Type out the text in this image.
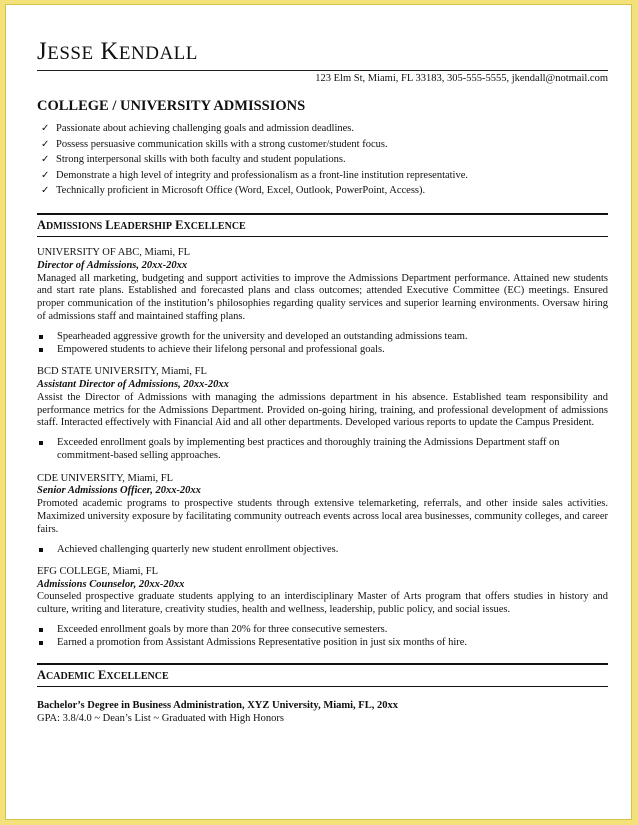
JESSE KENDALL
123 Elm St, Miami, FL 33183, 305-555-5555, jkendall@notmail.com
COLLEGE / UNIVERSITY ADMISSIONS
✓ Passionate about achieving challenging goals and admission deadlines.
✓ Possess persuasive communication skills with a strong customer/student focus.
✓ Strong interpersonal skills with both faculty and student populations.
✓ Demonstrate a high level of integrity and professionalism as a front-line institution representative.
✓ Technically proficient in Microsoft Office (Word, Excel, Outlook, PowerPoint, Access).
ADMISSIONS LEADERSHIP EXCELLENCE
UNIVERSITY OF ABC, Miami, FL
Director of Admissions, 20xx-20xx
Managed all marketing, budgeting and support activities to improve the Admissions Department performance. Attained new students and start rate plans. Established and forecasted plans and class outcomes; attended Executive Committee (EC) meetings. Ensured proper communication of the institution’s philosophies regarding quality services and superior learning environments. Oversaw hiring of admissions staff and maintained staffing plans.
Spearheaded aggressive growth for the university and developed an outstanding admissions team.
Empowered students to achieve their lifelong personal and professional goals.
BCD STATE UNIVERSITY, Miami, FL
Assistant Director of Admissions, 20xx-20xx
Assist the Director of Admissions with managing the admissions department in his absence. Established team responsibility and performance metrics for the Admissions Department. Provided on-going hiring, training, and professional development of admissions staff. Interacted effectively with Financial Aid and all other departments. Developed various reports to update the Campus President.
Exceeded enrollment goals by implementing best practices and thoroughly training the Admissions Department staff on commitment-based selling approaches.
CDE UNIVERSITY, Miami, FL
Senior Admissions Officer, 20xx-20xx
Promoted academic programs to prospective students through extensive telemarketing, referrals, and other inside sales activities. Maximized university exposure by facilitating community outreach events across local area businesses, community colleges, and career fairs.
Achieved challenging quarterly new student enrollment objectives.
EFG COLLEGE, Miami, FL
Admissions Counselor, 20xx-20xx
Counseled prospective graduate students applying to an interdisciplinary Master of Arts program that offers studies in history and culture, writing and literature, creativity studies, health and wellness, leadership, public policy, and social issues.
Exceeded enrollment goals by more than 20% for three consecutive semesters.
Earned a promotion from Assistant Admissions Representative position in just six months of hire.
ACADEMIC EXCELLENCE
Bachelor’s Degree in Business Administration, XYZ University, Miami, FL, 20xx
GPA: 3.8/4.0 ~ Dean’s List ~ Graduated with High Honors
